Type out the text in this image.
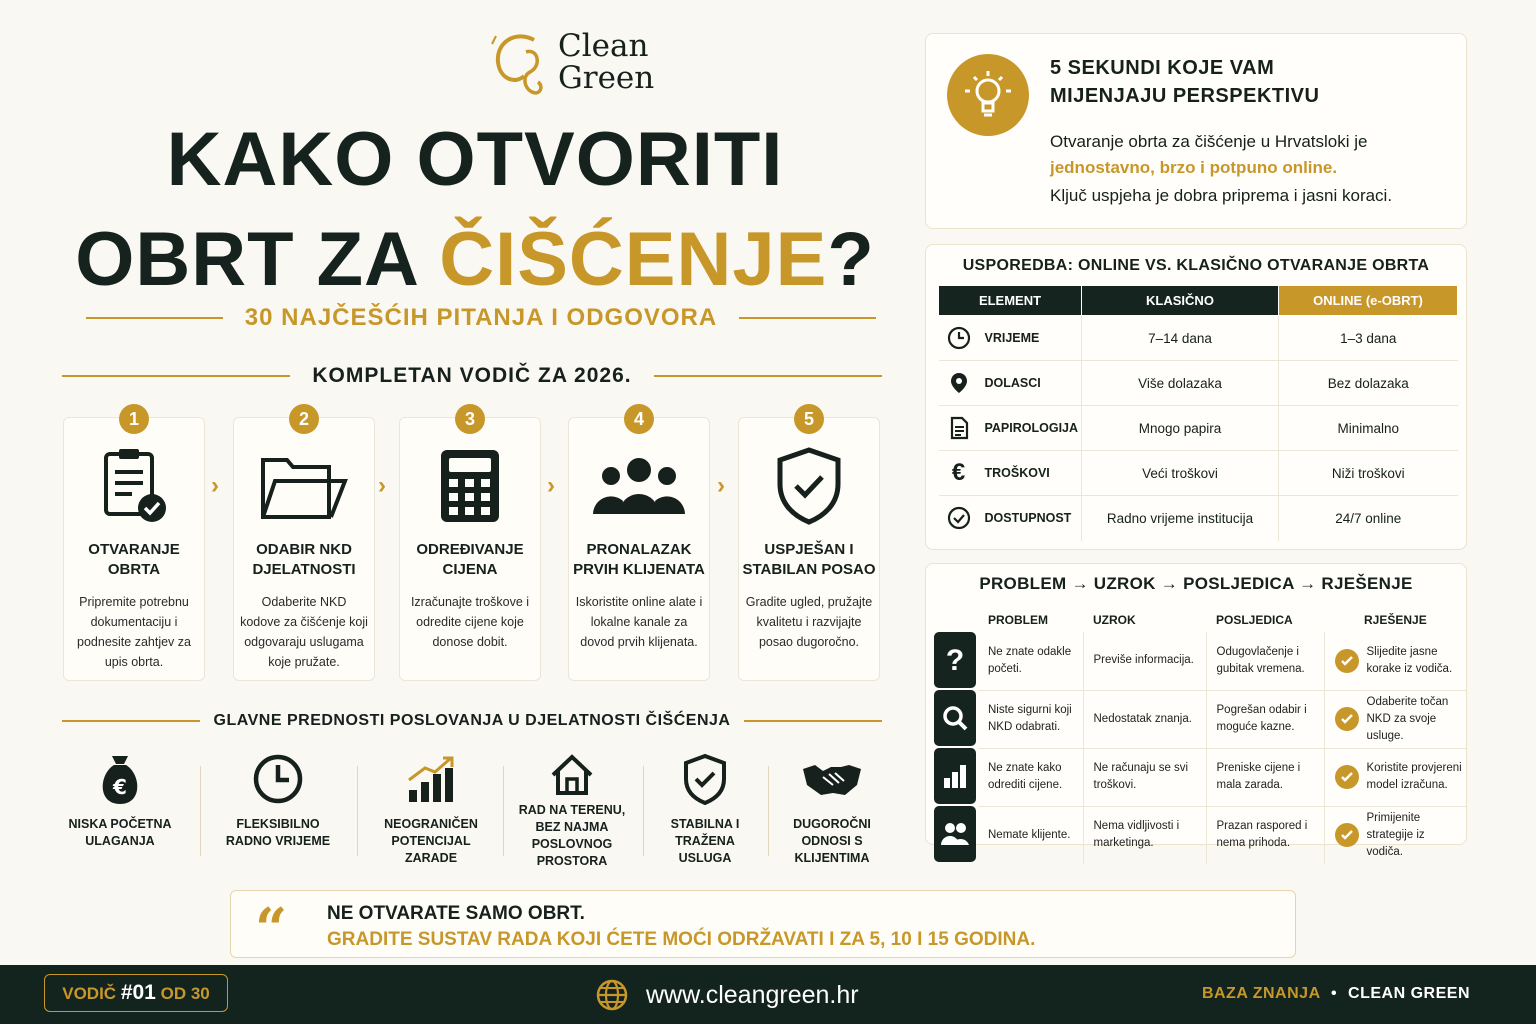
Clean
Green
KAKO OTVORITI
OBRT ZA ČIŠĆENJE?
30 NAJČEŠĆIH PITANJA I ODGOVORA
KOMPLETAN VODIČ ZA 2026.
1
OTVARANJE OBRTA
Pripremite potrebnu dokumentaciju i podnesite zahtjev za upis obrta.
›
2
ODABIR NKD DJELATNOSTI
Odaberite NKD kodove za čišćenje koji odgovaraju uslugama koje pružate.
›
3
ODREĐIVANJE CIJENA
Izračunajte troškove i odredite cijene koje donose dobit.
›
4
PRONALAZAK PRVIH KLIJENATA
Iskoristite online alate i lokalne kanale za dovod prvih klijenata.
›
5
USPJEŠAN I STABILAN POSAO
Gradite ugled, pružajte kvalitetu i razvijajte posao dugoročno.
GLAVNE PREDNOSTI POSLOVANJA U DJELATNOSTI ČIŠĆENJA
€
NISKA POČETNA ULAGANJA
FLEKSIBILNO RADNO VRIJEME
NEOGRANIČEN POTENCIJAL ZARADE
RAD NA TERENU, BEZ NAJMA POSLOVNOG PROSTORA
STABILNA I TRAŽENA USLUGA
DUGOROČNI ODNOSI S KLIJENTIMA
“ NE OTVARATE SAMO OBRT.
GRADITE SUSTAV RADA KOJI ĆETE MOĆI ODRŽAVATI I ZA 5, 10 I 15 GODINA.
5 SEKUNDI KOJE VAM MIJENJAJU PERSPEKTIVU
Otvaranje obrta za čišćenje u Hrvatsloki je
jednostavno, brzo i potpuno online.
Ključ uspjeha je dobra priprema i jasni koraci.
USPOREDBA: ONLINE VS. KLASIČNO OTVARANJE OBRTA
ELEMENT	KLASIČNO	ONLINE (e-OBRT)

VRIJEME	7–14 dana	1–3 dana

DOLASCI	Više dolazaka	Bez dolazaka

PAPIROLOGIJA	Mnogo papira	Minimalno

€ TROŠKOVI	Veći troškovi	Niži troškovi

DOSTUPNOST	Radno vrijeme institucija	24/7 online
PROBLEM → UZROK → POSLJEDICA → RJEŠENJE
	PROBLEM	UZROK	POSLJEDICA	RJEŠENJE

?	Ne znate odakle početi.	Previše informacija.	Odugovlačenje i gubitak vremena.	Slijedite jasne korake iz vodiča.

	Niste sigurni koji NKD odabrati.	Nedostatak znanja.	Pogrešan odabir i moguće kazne.	Odaberite točan NKD za svoje usluge.

	Ne znate kako odrediti cijene.	Ne računaju se svi troškovi.	Preniske cijene i mala zarada.	Koristite provjereni model izračuna.

	Nemate klijente.	Nema vidljivosti i marketinga.	Prazan raspored i nema prihoda.	Primijenite strategije iz vodiča.
VODIČ #01 OD 30	www.cleangreen.hr	BAZA ZNANJA • CLEAN GREEN
